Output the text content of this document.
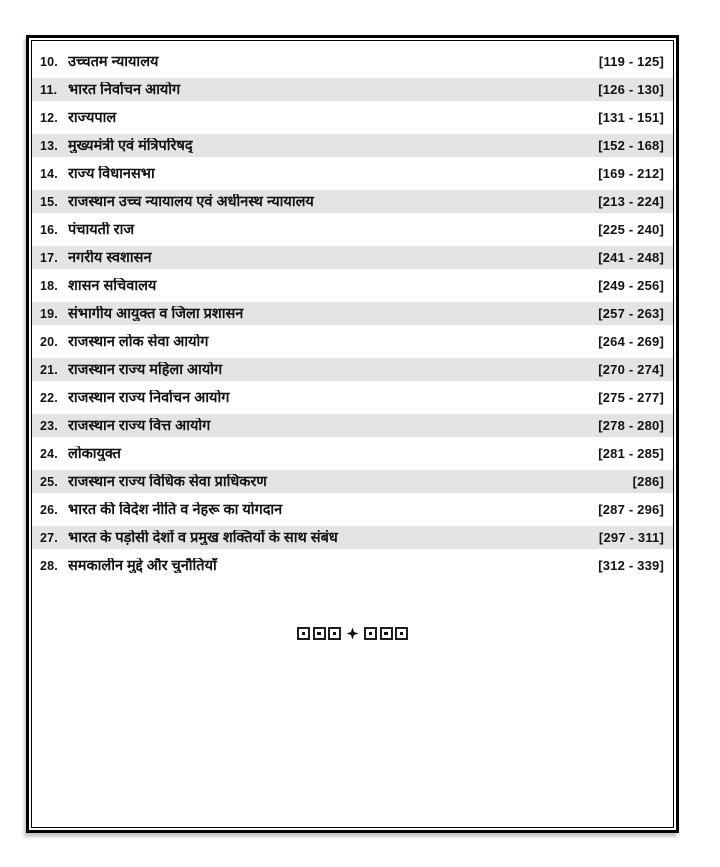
10. उच्चतम न्यायालय	[119 - 125]
11. भारत निर्वाचन आयोग	[126 - 130]
12. राज्यपाल	[131 - 151]
13. मुख्यमंत्री एवं मंत्रिपरिषद्	[152 - 168]
14. राज्य विधानसभा	[169 - 212]
15. राजस्थान उच्च न्यायालय एवं अधीनस्थ न्यायालय	[213 - 224]
16. पंचायती राज	[225 - 240]
17. नगरीय स्वशासन	[241 - 248]
18. शासन सचिवालय	[249 - 256]
19. संभागीय आयुक्त व जिला प्रशासन	[257 - 263]
20. राजस्थान लोक सेवा आयोग	[264 - 269]
21. राजस्थान राज्य महिला आयोग	[270 - 274]
22. राजस्थान राज्य निर्वाचन आयोग	[275 - 277]
23. राजस्थान राज्य वित्त आयोग	[278 - 280]
24. लोकायुक्त	[281 - 285]
25. राजस्थान राज्य विधिक सेवा प्राधिकरण	[286]
26. भारत की विदेश नीति व नेहरू का योगदान	[287 - 296]
27. भारत के पड़ोसी देशों व प्रमुख शक्तियों के साथ संबंध	[297 - 311]
28. समकालीन मुद्दे और चुनौतियाँ	[312 - 339]
